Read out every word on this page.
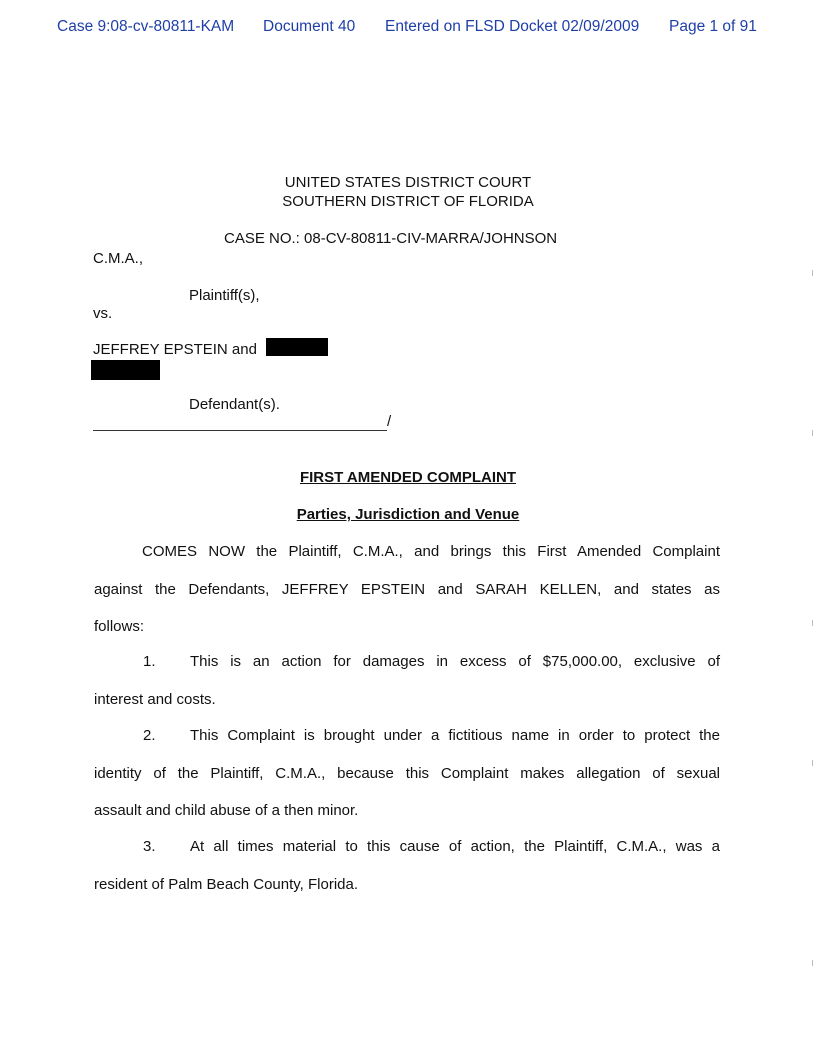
Case 9:08-cv-80811-KAM Document 40 Entered on FLSD Docket 02/09/2009 Page 1 of 91
UNITED STATES DISTRICT COURT
SOUTHERN DISTRICT OF FLORIDA
CASE NO.: 08-CV-80811-CIV-MARRA/JOHNSON
C.M.A.,
Plaintiff(s),
vs.
JEFFREY EPSTEIN and
Defendant(s).
/
FIRST AMENDED COMPLAINT
Parties, Jurisdiction and Venue
COMES NOW the Plaintiff, C.M.A., and brings this First Amended Complaint
against the Defendants, JEFFREY EPSTEIN and SARAH KELLEN, and states as
follows:
1.	This is an action for damages in excess of $75,000.00, exclusive of
interest and costs.
2.	This Complaint is brought under a fictitious name in order to protect the
identity of the Plaintiff, C.M.A., because this Complaint makes allegation of sexual
assault and child abuse of a then minor.
3.	At all times material to this cause of action, the Plaintiff, C.M.A., was a
resident of Palm Beach County, Florida.
